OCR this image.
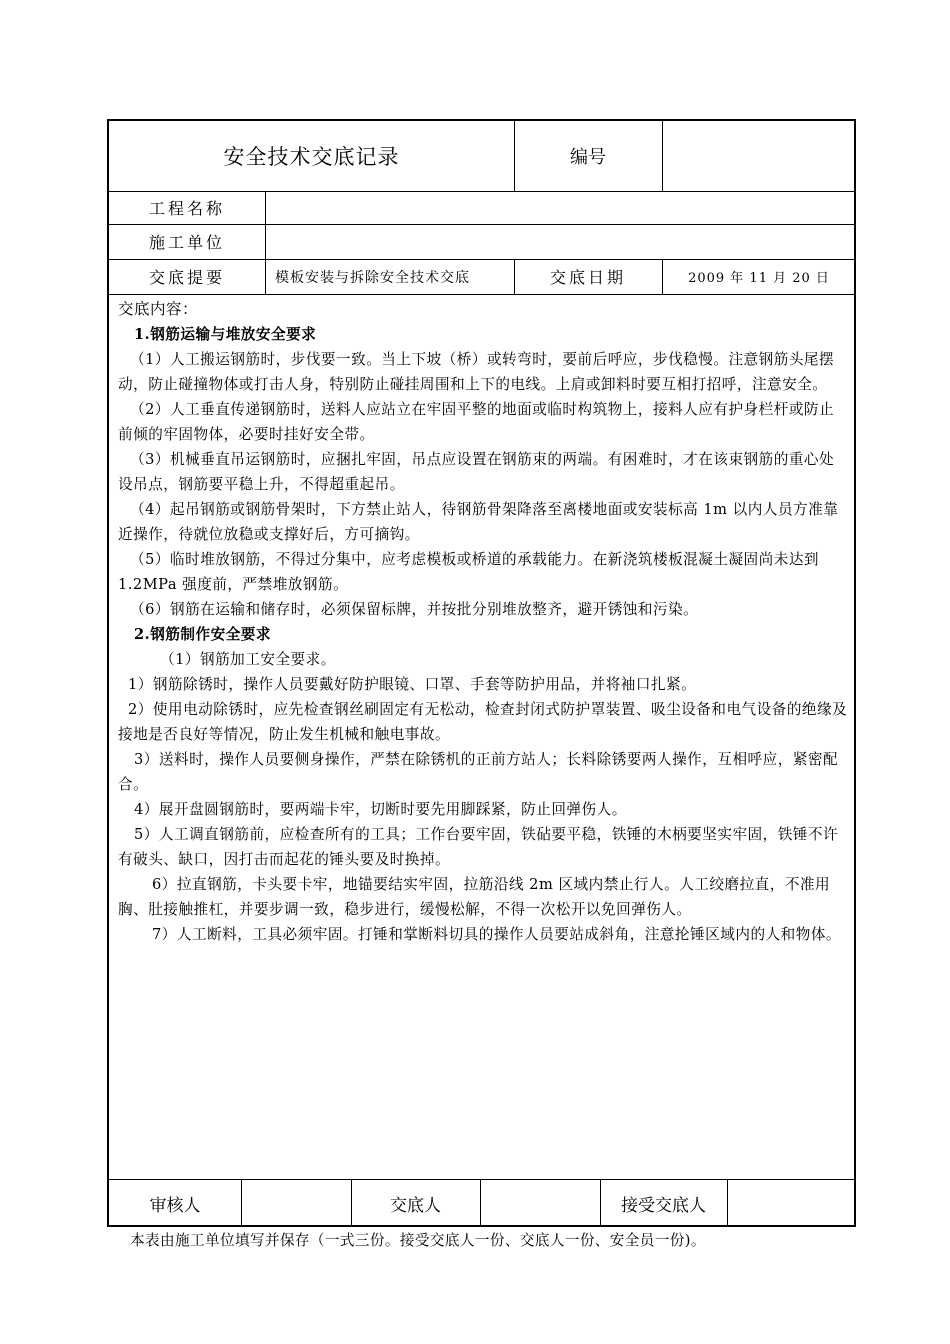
安全技术交底记录	编号
工程名称
施工单位
交底提要	模板安装与拆除安全技术交底	交底日期	2009 年 11 月 20 日

交底内容：

1.钢筋运输与堆放安全要求

（1）人工搬运钢筋时，步伐要一致。当上下坡（桥）或转弯时，要前后呼应，步伐稳慢。注意钢筋头尾摆动，防止碰撞物体或打击人身，特别防止碰挂周围和上下的电线。上肩或卸料时要互相打招呼，注意安全。

（2）人工垂直传递钢筋时，送料人应站立在牢固平整的地面或临时构筑物上，接料人应有护身栏杆或防止前倾的牢固物体，必要时挂好安全带。

（3）机械垂直吊运钢筋时，应捆扎牢固，吊点应设置在钢筋束的两端。有困难时，才在该束钢筋的重心处设吊点，钢筋要平稳上升，不得超重起吊。

（4）起吊钢筋或钢筋骨架时，下方禁止站人，待钢筋骨架降落至离楼地面或安装标高 1m 以内人员方准靠近操作，待就位放稳或支撑好后，方可摘钩。

（5）临时堆放钢筋，不得过分集中，应考虑模板或桥道的承载能力。在新浇筑楼板混凝土凝固尚未达到 1.2MPa 强度前，严禁堆放钢筋。

（6）钢筋在运输和储存时，必须保留标牌，并按批分别堆放整齐，避开锈蚀和污染。

2.钢筋制作安全要求

（1）钢筋加工安全要求。

1）钢筋除锈时，操作人员要戴好防护眼镜、口罩、手套等防护用品，并将袖口扎紧。

2）使用电动除锈时，应先检查钢丝刷固定有无松动，检查封闭式防护罩装置、吸尘设备和电气设备的绝缘及接地是否良好等情况，防止发生机械和触电事故。

3）送料时，操作人员要侧身操作，严禁在除锈机的正前方站人；长料除锈要两人操作，互相呼应，紧密配合。

4）展开盘圆钢筋时，要两端卡牢，切断时要先用脚踩紧，防止回弹伤人。

5）人工调直钢筋前，应检查所有的工具；工作台要牢固，铁砧要平稳，铁锤的木柄要坚实牢固，铁锤不许有破头、缺口，因打击而起花的锤头要及时换掉。

6）拉直钢筋，卡头要卡牢，地锚要结实牢固，拉筋沿线 2m 区域内禁止行人。人工绞磨拉直，不准用胸、肚接触推杠，并要步调一致，稳步进行，缓慢松解，不得一次松开以免回弹伤人。

7）人工断料，工具必须牢固。打锤和掌断料切具的操作人员要站成斜角，注意抡锤区域内的人和物体。

审核人	交底人	接受交底人
本表由施工单位填写并保存（一式三份。接受交底人一份、交底人一份、安全员一份)。
